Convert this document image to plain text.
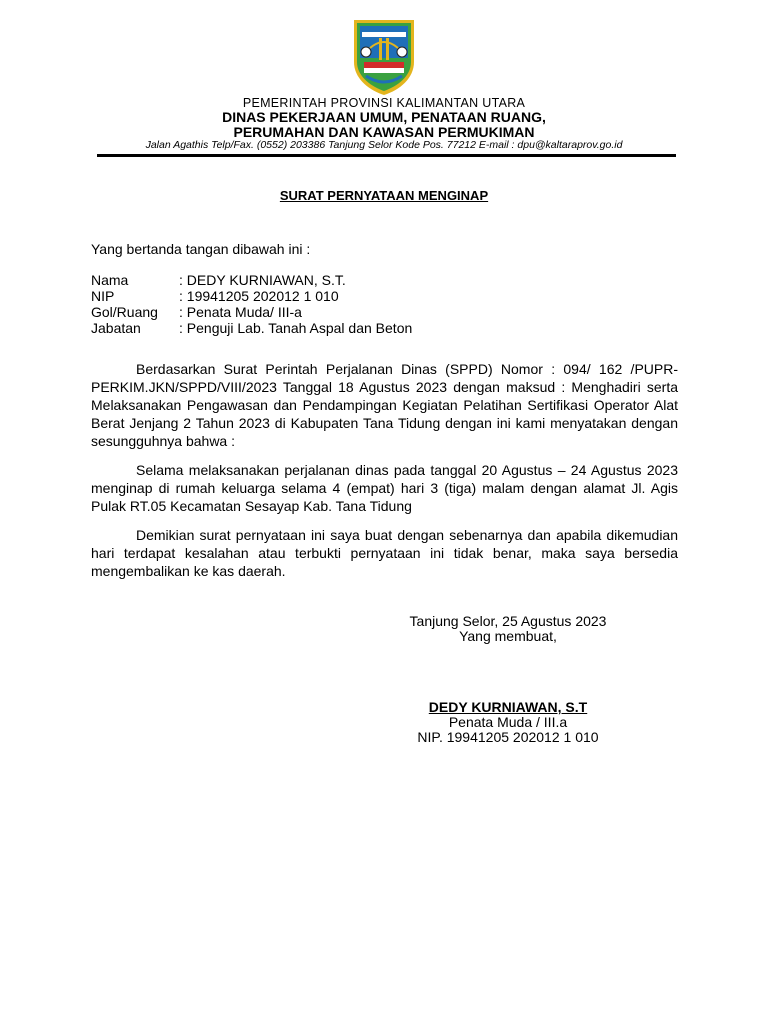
PEMERINTAH PROVINSI KALIMANTAN UTARA
DINAS PEKERJAAN UMUM, PENATAAN RUANG,
PERUMAHAN DAN KAWASAN PERMUKIMAN
Jalan Agathis Telp/Fax. (0552) 203386 Tanjung Selor Kode Pos. 77212 E-mail : dpu@kaltaraprov.go.id
SURAT PERNYATAAN MENGINAP
Yang bertanda tangan dibawah ini :
Nama	: DEDY KURNIAWAN, S.T.
NIP	: 19941205 202012 1 010
Gol/Ruang : Penata Muda/ III-a
Jabatan	: Penguji Lab. Tanah Aspal dan Beton
Berdasarkan Surat Perintah Perjalanan Dinas (SPPD) Nomor : 094/ 162 /PUPR-PERKIM.JKN/SPPD/VIII/2023 Tanggal 18 Agustus 2023 dengan maksud : Menghadiri serta Melaksanakan Pengawasan dan Pendampingan Kegiatan Pelatihan Sertifikasi Operator Alat Berat Jenjang 2 Tahun 2023 di Kabupaten Tana Tidung dengan ini kami menyatakan dengan sesungguhnya bahwa :
Selama melaksanakan perjalanan dinas pada tanggal 20 Agustus – 24 Agustus 2023 menginap di rumah keluarga selama 4 (empat) hari 3 (tiga) malam dengan alamat Jl. Agis Pulak RT.05 Kecamatan Sesayap Kab. Tana Tidung
Demikian surat pernyataan ini saya buat dengan sebenarnya dan apabila dikemudian hari terdapat kesalahan atau terbukti pernyataan ini tidak benar, maka saya bersedia mengembalikan ke kas daerah.
Tanjung Selor, 25 Agustus 2023
Yang membuat,
DEDY KURNIAWAN, S.T
Penata Muda / III.a
NIP. 19941205 202012 1 010
